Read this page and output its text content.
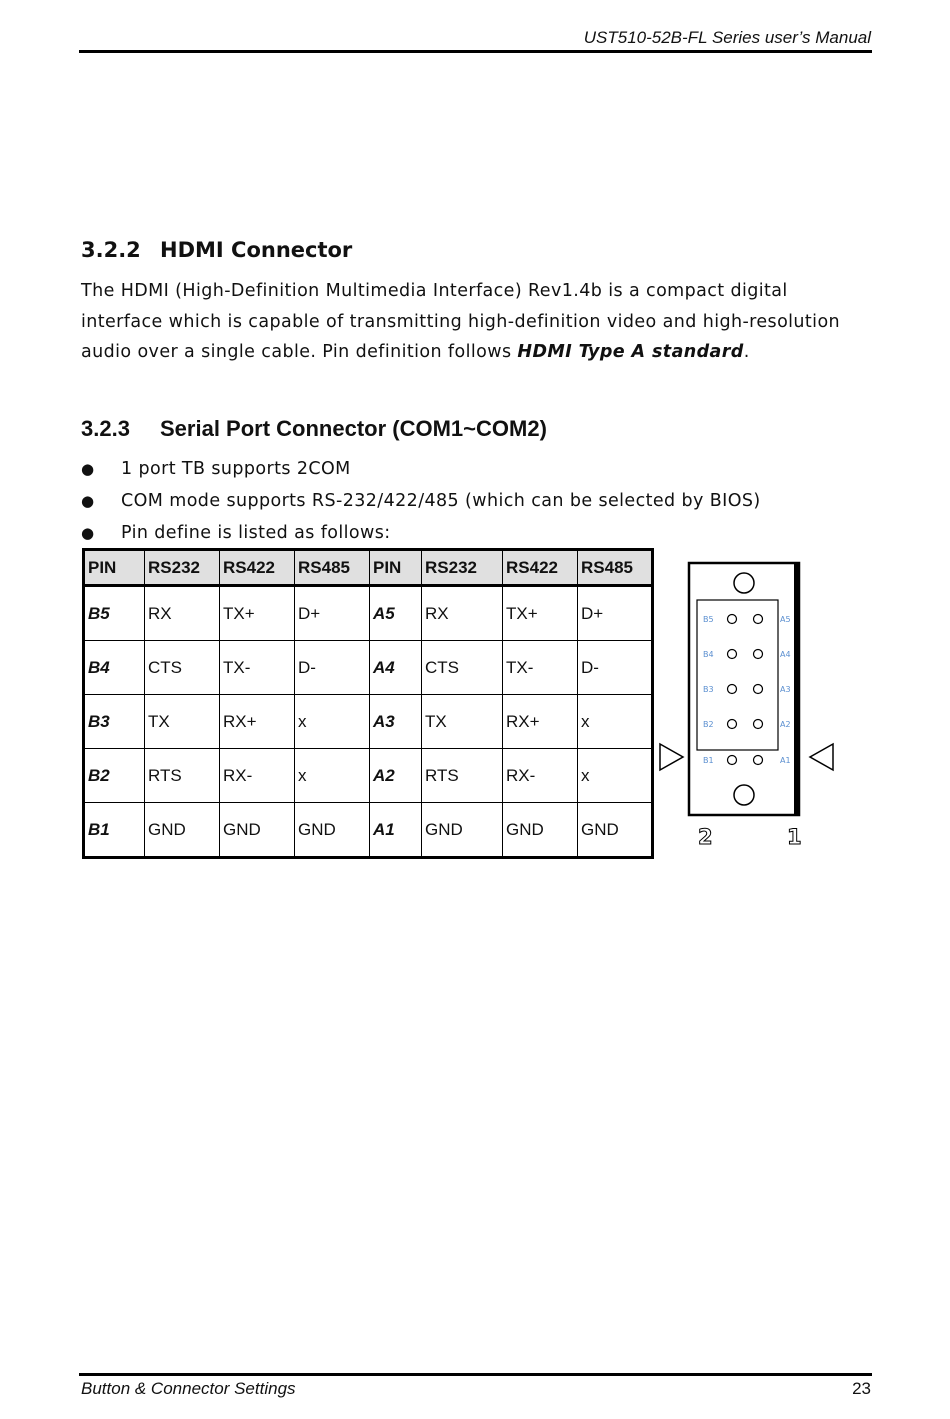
UST510-52B-FL Series user’s Manual
3.2.2 HDMI Connector
The HDMI (High-Definition Multimedia Interface) Rev1.4b is a compact digital interface which is capable of transmitting high-definition video and high-resolution audio over a single cable. Pin definition follows HDMI Type A standard.
3.2.3 Serial Port Connector (COM1~COM2)
● 1 port TB supports 2COM
● COM mode supports RS-232/422/485 (which can be selected by BIOS)
● Pin define is listed as follows:
PIN	RS232	RS422	RS485	PIN	RS232	RS422	RS485
B5	RX	TX+	D+	A5	RX	TX+	D+
B4	CTS	TX-	D-	A4	CTS	TX-	D-
B3	TX	RX+	x	A3	TX	RX+	x
B2	RTS	RX-	x	A2	RTS	RX-	x
B1	GND	GND	GND	A1	GND	GND	GND
B5	A5
B4	A4
B3	A3
B2	A2
B1	A1
2	1
Button & Connector Settings	23
